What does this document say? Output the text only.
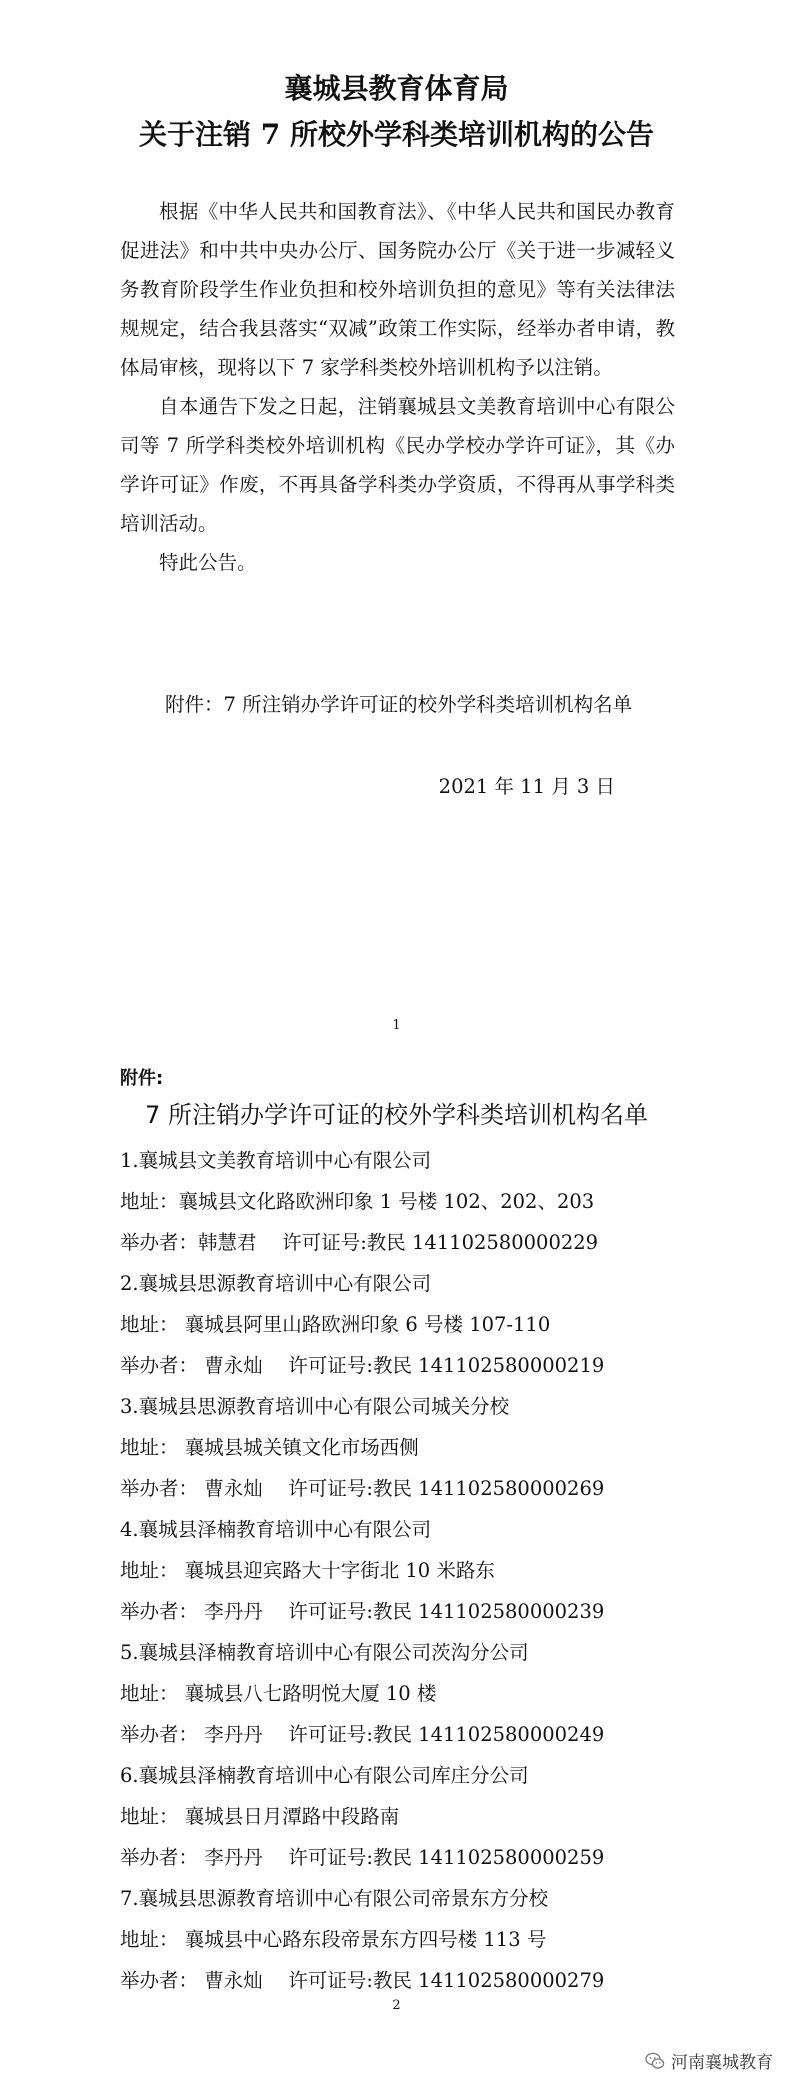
襄城县教育体育局
关于注销 7 所校外学科类培训机构的公告

根据《中华人民共和国教育法》、《中华人民共和国民办教育促进法》和中共中央办公厅、国务院办公厅《关于进一步减轻义务教育阶段学生作业负担和校外培训负担的意见》等有关法律法规规定，结合我县落实“双减”政策工作实际，经举办者申请，教体局审核，现将以下 7 家学科类校外培训机构予以注销。

自本通告下发之日起，注销襄城县文美教育培训中心有限公司等 7 所学科类校外培训机构《民办学校办学许可证》，其《办学许可证》作废，不再具备学科类办学资质，不得再从事学科类培训活动。

特此公告。

附件：7 所注销办学许可证的校外学科类培训机构名单
2021 年 11 月 3 日
1
附件:
7 所注销办学许可证的校外学科类培训机构名单
1.襄城县文美教育培训中心有限公司
地址：襄城县文化路欧洲印象 1 号楼 102、202、203
举办者：韩慧君　 许可证号:教民 141102580000229
2.襄城县思源教育培训中心有限公司
地址： 襄城县阿里山路欧洲印象 6 号楼 107-110
举办者： 曹永灿　 许可证号:教民 141102580000219
3.襄城县思源教育培训中心有限公司城关分校
地址： 襄城县城关镇文化市场西侧
举办者： 曹永灿　 许可证号:教民 141102580000269
4.襄城县泽楠教育培训中心有限公司
地址： 襄城县迎宾路大十字街北 10 米路东
举办者： 李丹丹　 许可证号:教民 141102580000239
5.襄城县泽楠教育培训中心有限公司茨沟分公司
地址： 襄城县八七路明悦大厦 10 楼
举办者： 李丹丹　 许可证号:教民 141102580000249
6.襄城县泽楠教育培训中心有限公司库庄分公司
地址： 襄城县日月潭路中段路南
举办者： 李丹丹　 许可证号:教民 141102580000259
7.襄城县思源教育培训中心有限公司帝景东方分校
地址： 襄城县中心路东段帝景东方四号楼 113 号
举办者： 曹永灿　 许可证号:教民 141102580000279
2
河南襄城教育
